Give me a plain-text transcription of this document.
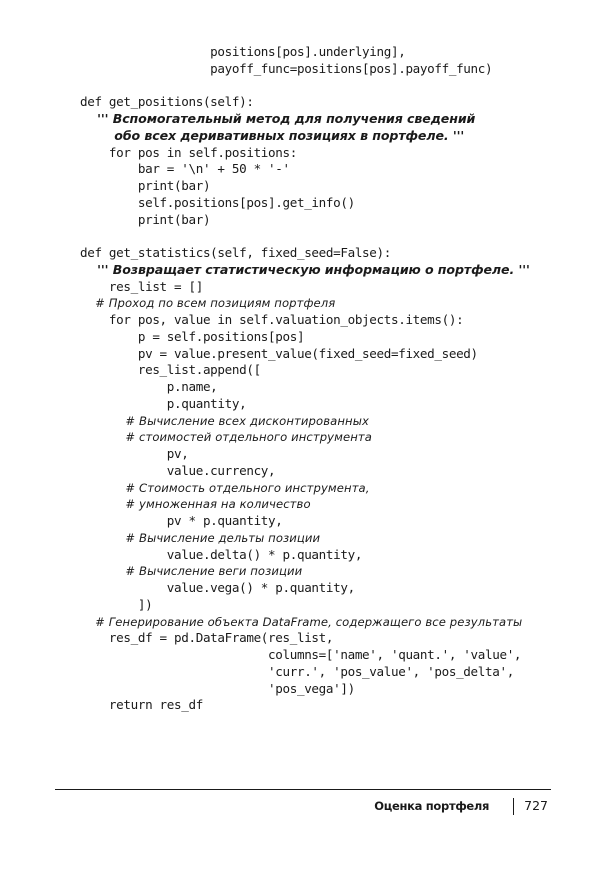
positions[pos].underlying],
payoff_func=positions[pos].payoff_func)
def get_positions(self):
''' Вспомогательный метод для получения сведений
обо всех деривативных позициях в портфеле. '''
for pos in self.positions:
bar = '\n' + 50 * '-'
print(bar)
self.positions[pos].get_info()
print(bar)
def get_statistics(self, fixed_seed=False):
''' Возвращает статистическую информацию о портфеле. '''
res_list = []
# Проход по всем позициям портфеля
for pos, value in self.valuation_objects.items():
p = self.positions[pos]
pv = value.present_value(fixed_seed=fixed_seed)
res_list.append([
p.name,
p.quantity,
# Вычисление всех дисконтированных
# стоимостей отдельного инструмента
pv,
value.currency,
# Стоимость отдельного инструмента,
# умноженная на количество
pv * p.quantity,
# Вычисление дельты позиции
value.delta() * p.quantity,
# Вычисление веги позиции
value.vega() * p.quantity,
])
# Генерирование объекта DataFrame, содержащего все результаты
res_df = pd.DataFrame(res_list,
columns=['name', 'quant.', 'value',
'curr.', 'pos_value', 'pos_delta',
'pos_vega'])
return res_df
Оценка портфеля	727
